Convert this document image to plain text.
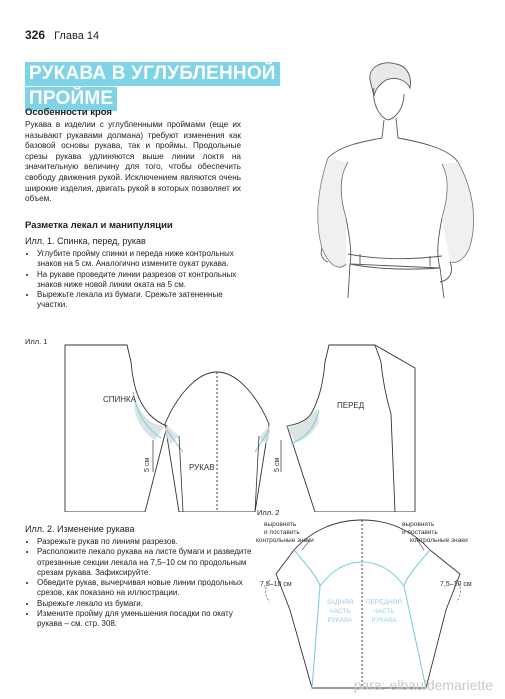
326 Глава 14
РУКАВА В УГЛУБЛЕННОЙ
ПРОЙМЕ
Особенности кроя
Рукава в изделии с углубленными проймами (еще их называют рукавами долмана) требуют изменения как базовой основы рукава, так и проймы. Продольные срезы рукава удлиняются выше линии локтя на значительную величину для того, чтобы обеспечить свободу движения рукой. Исключением являются очень широкие изделия, двигать рукой в которых позволяет их объем.
Разметка лекал и манипуляции
Илл. 1. Спинка, перед, рукав
• Углубите пройму спинки и переда ниже контрольных знаков на 5 см. Аналогично измените оукат рукава.
• На рукаве проведите линии разрезов от контрольных знаков ниже новой линии оката на 5 см.
• Вырежьте лекала из бумаги. Срежьте затененные участки.
Илл. 1
СПИНКА
РУКАВ
ПЕРЕД
5 см	5 см
Илл. 2. Изменение рукава
• Разрежьте рукав по линиям разрезов.
• Расположите лекало рукава на листе бумаги и разведите отрезанные секции лекала на 7,5–10 см по продольным срезам рукава. Зафиксируйте.
• Обведите рукав, вычерчивая новые линии продольных срезов, как показано на иллюстрации.
• Вырежьте лекало из бумаги.
• Измените пройму для уменьшения посадки по окату рукава – см. стр. 308.
Илл. 2
выровнять
и поставить
контрольные знаки
выровнять
и поставить
контрольные знаки
7,5–10 см	7,5–10 см
ЗАДНЯЯ
ЧАСТЬ
РУКАВА
ПЕРЕДНЯЯ
ЧАСТЬ
РУКАВА
para: elbauldemariette
